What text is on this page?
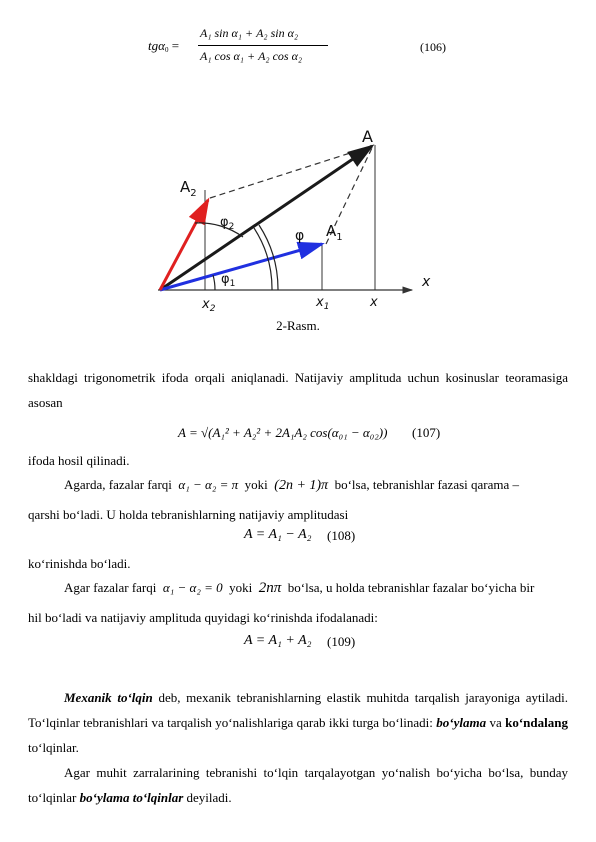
tgα$_0$ =
A₁ sin α₁ + A₂ sin α₂
A₁ cos α₁ + A₂ cos α₂
(106)
A
$A_1$
$A_2$
φ
$\varphi_1$
$\varphi_2$
x
$x_2$	$x_1$	x
2-Rasm.
shakldagi trigonometrik ifoda orqali aniqlanadi. Natijaviy amplituda uchun kosinuslar teoramasiga asosan
A = √(A₁² + A₂² + 2A₁A₂ cos(α₀₁ − α₀₂)) (107)
ifoda hosil qilinadi.
Agarda, fazalar farqi α₁ − α₂ = π yoki (2n + 1)π bo‘lsa, tebranishlar fazasi qarama –
qarshi bo‘ladi. U holda tebranishlarning natijaviy amplitudasi
A = A₁ − A₂ (108)
ko‘rinishda bo‘ladi.
Agar fazalar farqi α₁ − α₂ = 0 yoki 2nπ bo‘lsa, u holda tebranishlar fazalar bo‘yicha bir
hil bo‘ladi va natijaviy amplituda quyidagi ko‘rinishda ifodalanadi:
A = A₁ + A₂ (109)
Mexanik to‘lqin deb, mexanik tebranishlarning elastik muhitda tarqalish jarayoniga aytiladi. To‘lqinlar tebranishlari va tarqalish yo‘nalishlariga qarab ikki turga bo‘linadi: bo‘ylama va ko‘ndalang to‘lqinlar.
Agar muhit zarralarining tebranishi to‘lqin tarqalayotgan yo‘nalish bo‘yicha bo‘lsa, bunday to‘lqinlar bo‘ylama to‘lqinlar deyiladi.
